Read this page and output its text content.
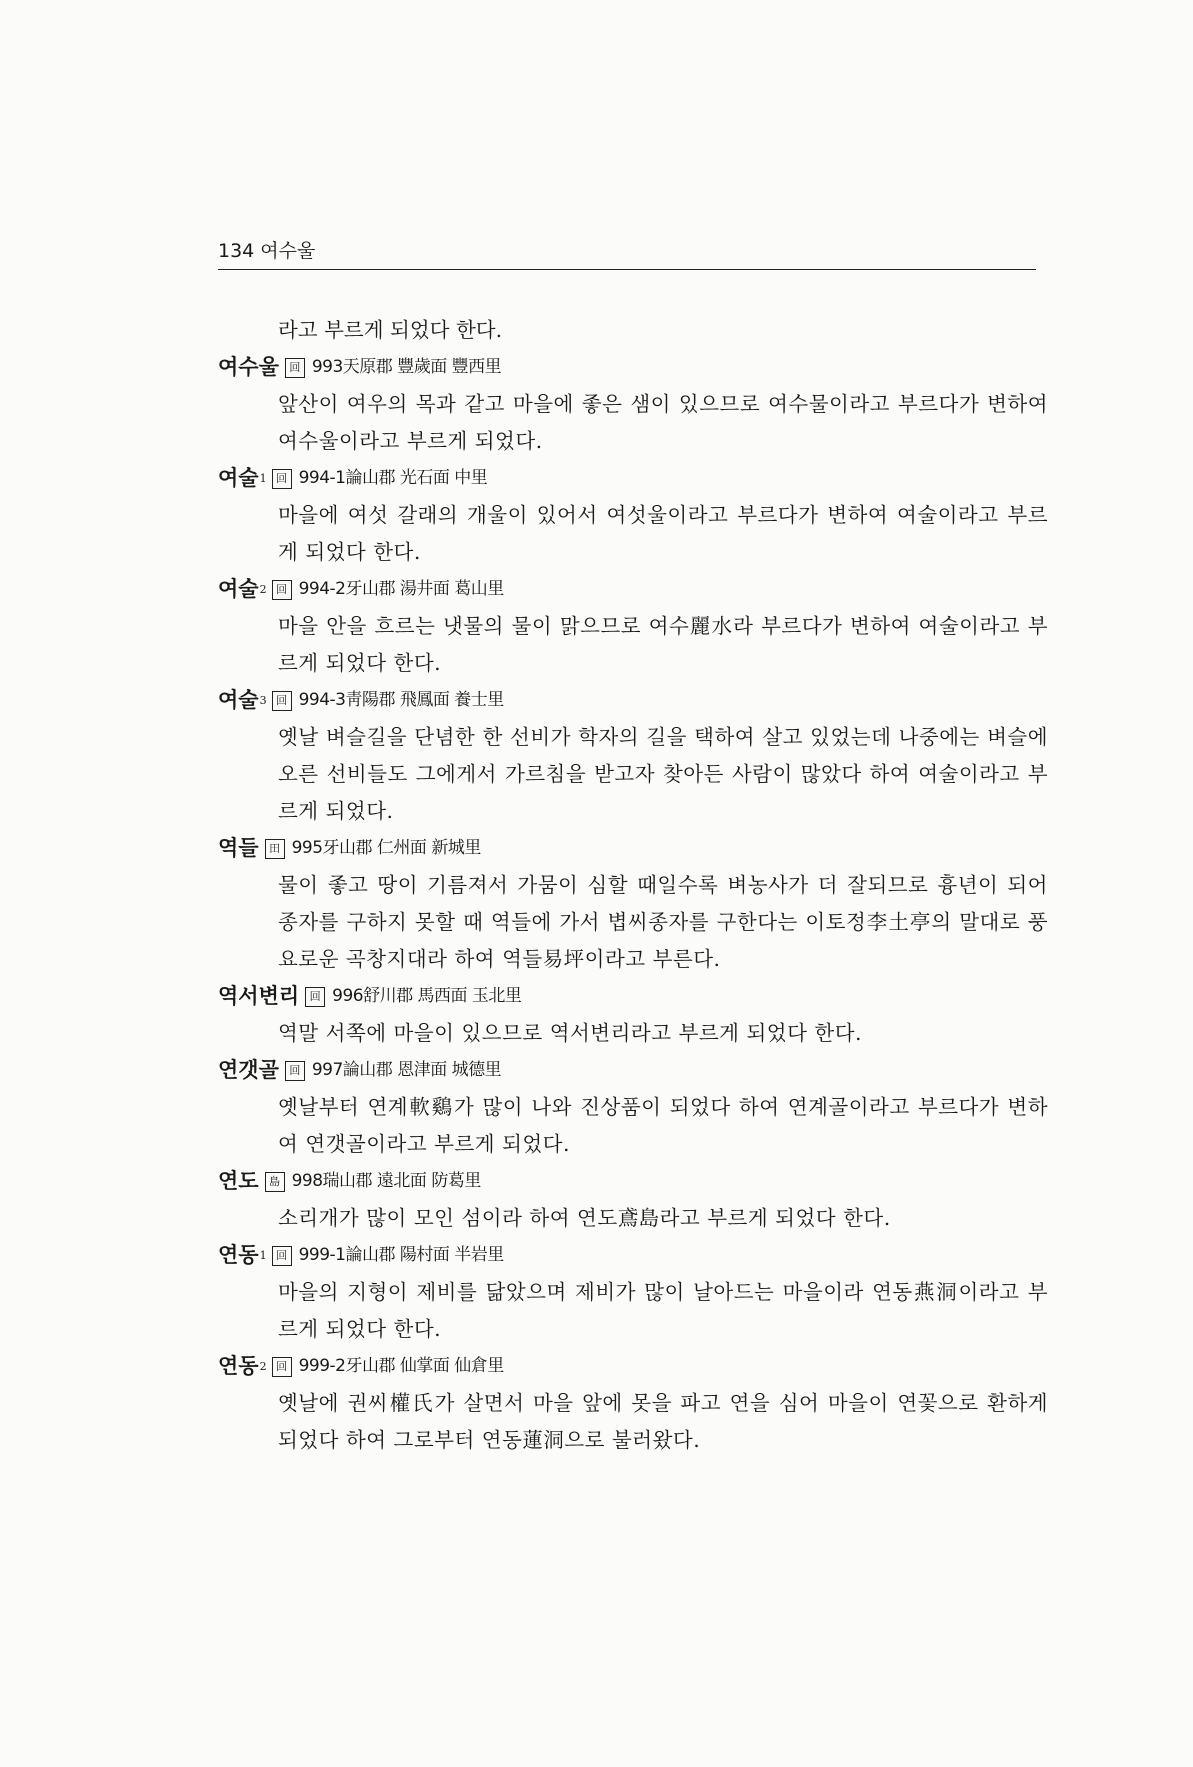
134 여수울
라고 부르게 되었다 한다.
여수울 回 993天原郡 豐歲面 豐西里
앞산이 여우의 목과 같고 마을에 좋은 샘이 있으므로 여수물이라고 부르다가 변하여 여수울이라고 부르게 되었다.
여술 1 回 994-1論山郡 光石面 中里
마을에 여섯 갈래의 개울이 있어서 여섯울이라고 부르다가 변하여 여술이라고 부르게 되었다 한다.
여술 2 回 994-2牙山郡 湯井面 葛山里
마을 안을 흐르는 냇물의 물이 맑으므로 여수麗水라 부르다가 변하여 여술이라고 부르게 되었다 한다.
여술 3 回 994-3靑陽郡 飛鳳面 養士里
옛날 벼슬길을 단념한 한 선비가 학자의 길을 택하여 살고 있었는데 나중에는 벼슬에 오른 선비들도 그에게서 가르침을 받고자 찾아든 사람이 많았다 하여 여술이라고 부르게 되었다.
역들 田 995牙山郡 仁州面 新城里
물이 좋고 땅이 기름져서 가뭄이 심할 때일수록 벼농사가 더 잘되므로 흉년이 되어 종자를 구하지 못할 때 역들에 가서 볍씨종자를 구한다는 이토정李土亭의 말대로 풍요로운 곡창지대라 하여 역들易坪이라고 부른다.
역서변리 回 996舒川郡 馬西面 玉北里
역말 서쪽에 마을이 있으므로 역서변리라고 부르게 되었다 한다.
연갯골 回 997論山郡 恩津面 城德里
옛날부터 연계軟鷄가 많이 나와 진상품이 되었다 하여 연계골이라고 부르다가 변하여 연갯골이라고 부르게 되었다.
연도 島 998瑞山郡 遠北面 防葛里
소리개가 많이 모인 섬이라 하여 연도鳶島라고 부르게 되었다 한다.
연동 1 回 999-1論山郡 陽村面 半岩里
마을의 지형이 제비를 닮았으며 제비가 많이 날아드는 마을이라 연동燕洞이라고 부르게 되었다 한다.
연동 2 回 999-2牙山郡 仙掌面 仙倉里
옛날에 권씨權氏가 살면서 마을 앞에 못을 파고 연을 심어 마을이 연꽃으로 환하게 되었다 하여 그로부터 연동蓮洞으로 불러왔다.
